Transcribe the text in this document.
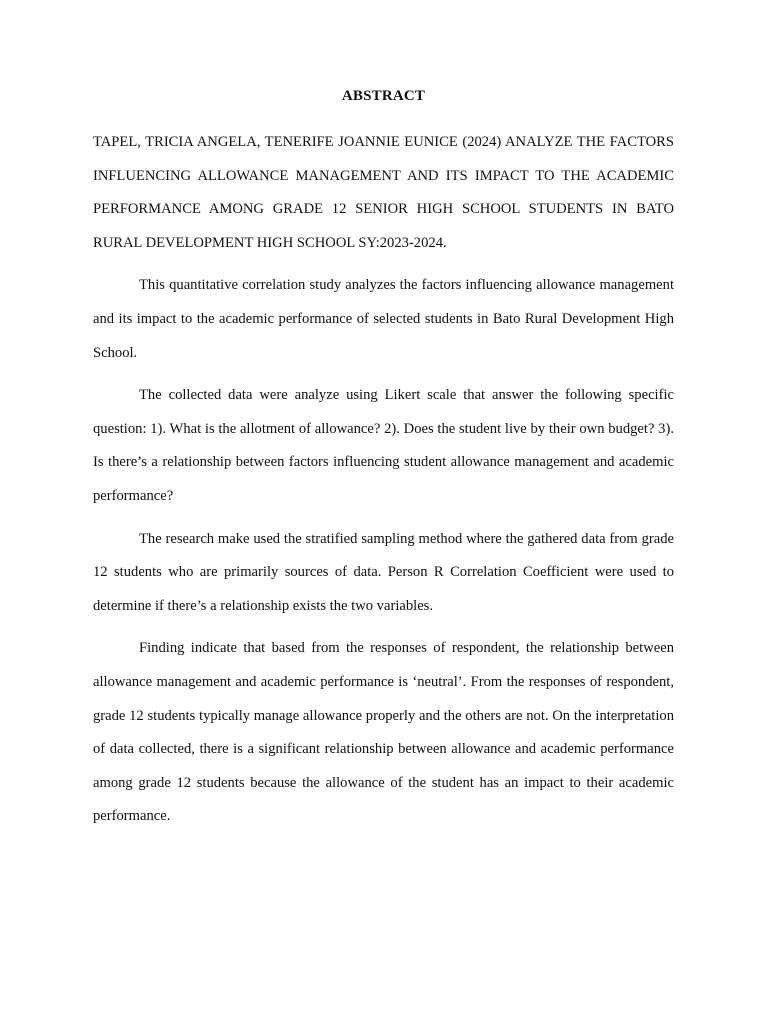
ABSTRACT

TAPEL, TRICIA ANGELA, TENERIFE JOANNIE EUNICE (2024) ANALYZE THE FACTORS INFLUENCING ALLOWANCE MANAGEMENT AND ITS IMPACT TO THE ACADEMIC PERFORMANCE AMONG GRADE 12 SENIOR HIGH SCHOOL STUDENTS IN BATO RURAL DEVELOPMENT HIGH SCHOOL SY:2023-2024.

This quantitative correlation study analyzes the factors influencing allowance management and its impact to the academic performance of selected students in Bato Rural Development High School.

The collected data were analyze using Likert scale that answer the following specific question: 1). What is the allotment of allowance? 2). Does the student live by their own budget? 3). Is there’s a relationship between factors influencing student allowance management and academic performance?

The research make used the stratified sampling method where the gathered data from grade 12 students who are primarily sources of data. Person R Correlation Coefficient were used to determine if there’s a relationship exists the two variables.

Finding indicate that based from the responses of respondent, the relationship between allowance management and academic performance is ‘neutral’. From the responses of respondent, grade 12 students typically manage allowance properly and the others are not. On the interpretation of data collected, there is a significant relationship between allowance and academic performance among grade 12 students because the allowance of the student has an impact to their academic performance.
